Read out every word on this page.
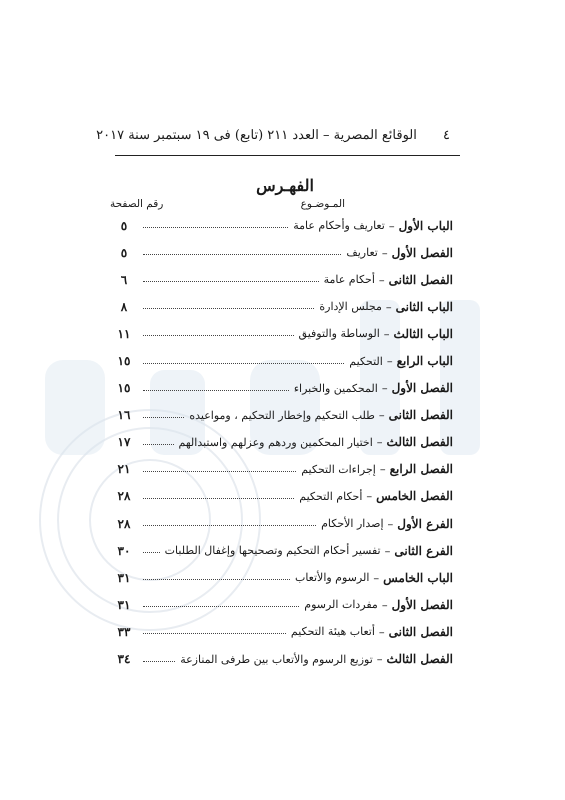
٤ الوقائع المصرية – العدد ٢١١ (تابع) فى ١٩ سبتمبر سنة ٢٠١٧
الفهـرس
المـوضـوع
رقم الصفحة
الباب الأول
–
تعاريف وأحكام عامة
٥
الفصل الأول
–
تعاريف
٥
الفصل الثانى
–
أحكام عامة
٦
الباب الثانى
–
مجلس الإدارة
٨
الباب الثالث
–
الوساطة والتوفيق
١١
الباب الرابع
–
التحكيم
١٥
الفصل الأول
–
المحكمين والخبراء
١٥
الفصل الثانى
–
طلب التحكيم وإخطار التحكيم ، ومواعيده
١٦
الفصل الثالث
–
اختيار المحكمين وردهم وعزلهم واستبدالهم
١٧
الفصل الرابع
–
إجراءات التحكيم
٢١
الفصل الخامس
–
أحكام التحكيم
٢٨
الفرع الأول
–
إصدار الأحكام
٢٨
الفرع الثانى
–
تفسير أحكام التحكيم وتصحيحها وإغفال الطلبات
٣٠
الباب الخامس
–
الرسوم والأتعاب
٣١
الفصل الأول
–
مفردات الرسوم
٣١
الفصل الثانى
–
أتعاب هيئة التحكيم
٣٣
الفصل الثالث
–
توزيع الرسوم والأتعاب بين طرفى المنازعة
٣٤
